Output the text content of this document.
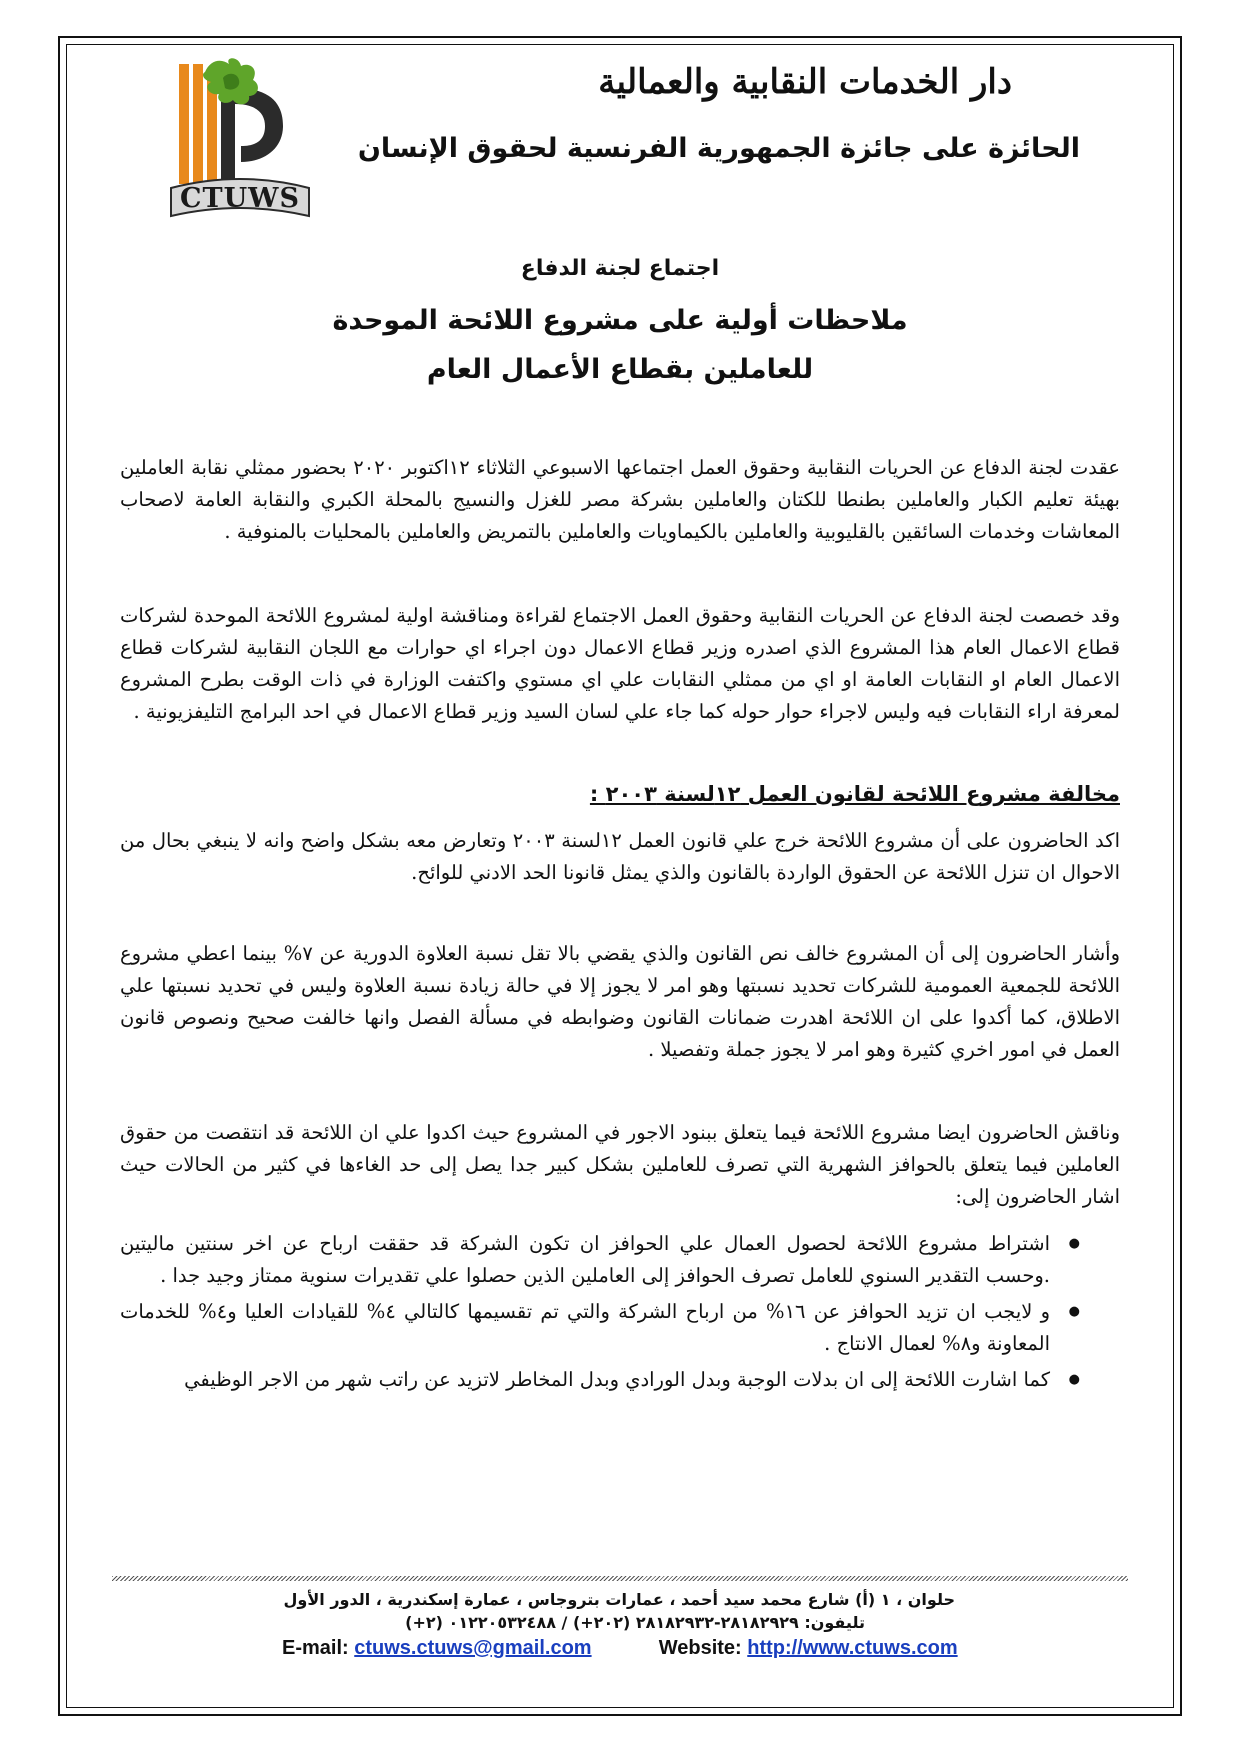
CTUWS
دار الخدمات النقابية والعمالية
الحائزة على جائزة الجمهورية الفرنسية لحقوق الإنسان
اجتماع لجنة الدفاع
ملاحظات أولية على مشروع اللائحة الموحدة
للعاملين بقطاع الأعمال العام
عقدت لجنة الدفاع عن الحريات النقابية وحقوق العمل اجتماعها الاسبوعي الثلاثاء ١٢اكتوبر ٢٠٢٠ بحضور ممثلي نقابة العاملين بهيئة تعليم الكبار والعاملين بطنطا للكتان والعاملين بشركة مصر للغزل والنسيج بالمحلة الكبري والنقابة العامة لاصحاب المعاشات وخدمات السائقين بالقليوبية والعاملين بالكيماويات والعاملين بالتمريض والعاملين بالمحليات بالمنوفية .
وقد خصصت لجنة الدفاع عن الحريات النقابية وحقوق العمل الاجتماع لقراءة ومناقشة اولية لمشروع اللائحة الموحدة لشركات قطاع الاعمال العام هذا المشروع الذي اصدره وزير قطاع الاعمال دون اجراء اي حوارات مع اللجان النقابية لشركات قطاع الاعمال العام او النقابات العامة او اي من ممثلي النقابات علي اي مستوي واكتفت الوزارة في ذات الوقت بطرح المشروع لمعرفة اراء النقابات فيه وليس لاجراء حوار حوله كما جاء علي لسان السيد وزير قطاع الاعمال في احد البرامج التليفزيونية .
مخالفة مشروع اللائحة لقانون العمل ١٢لسنة ٢٠٠٣ :
اكد الحاضرون على أن مشروع اللائحة خرج علي قانون العمل ١٢لسنة ٢٠٠٣ وتعارض معه بشكل واضح وانه لا ينبغي بحال من الاحوال ان تنزل اللائحة عن الحقوق الواردة بالقانون والذي يمثل قانونا الحد الادني للوائح.
وأشار الحاضرون إلى أن المشروع خالف نص القانون والذي يقضي بالا تقل نسبة العلاوة الدورية عن ٧% بينما اعطي مشروع اللائحة للجمعية العمومية للشركات تحديد نسبتها وهو امر لا يجوز إلا في حالة زيادة نسبة العلاوة وليس في تحديد نسبتها علي الاطلاق، كما أكدوا على ان اللائحة اهدرت ضمانات القانون وضوابطه في مسألة الفصل وانها خالفت صحيح ونصوص قانون العمل في امور اخري كثيرة وهو امر لا يجوز جملة وتفصيلا .
وناقش الحاضرون ايضا مشروع اللائحة فيما يتعلق ببنود الاجور في المشروع حيث اكدوا علي ان اللائحة قد انتقصت من حقوق العاملين فيما يتعلق بالحوافز الشهرية التي تصرف للعاملين بشكل كبير جدا يصل إلى حد الغاءها في كثير من الحالات حيث اشار الحاضرون إلى:
● اشتراط مشروع اللائحة لحصول العمال علي الحوافز ان تكون الشركة قد حققت ارباح عن اخر سنتين ماليتين .وحسب التقدير السنوي للعامل تصرف الحوافز إلى العاملين الذين حصلوا علي تقديرات سنوية ممتاز وجيد جدا .
● و لايجب ان تزيد الحوافز عن ١٦% من ارباح الشركة والتي تم تقسيمها كالتالي ٤% للقيادات العليا و٤% للخدمات المعاونة و٨% لعمال الانتاج .
● كما اشارت اللائحة إلى ان بدلات الوجبة وبدل الورادي وبدل المخاطر لاتزيد عن راتب شهر من الاجر الوظيفي
حلوان ، ١ (أ) شارع محمد سيد أحمد ، عمارات بتروجاس ، عمارة إسكندرية ، الدور الأول
تليفون: ٢٨١٨٢٩٢٩-٢٨١٨٢٩٣٢ (٢٠٢+) / ٠١٢٢٠٥٣٢٤٨٨ (٢+)
E-mail: ctuws.ctuws@gmail.com	Website: http://www.ctuws.com
